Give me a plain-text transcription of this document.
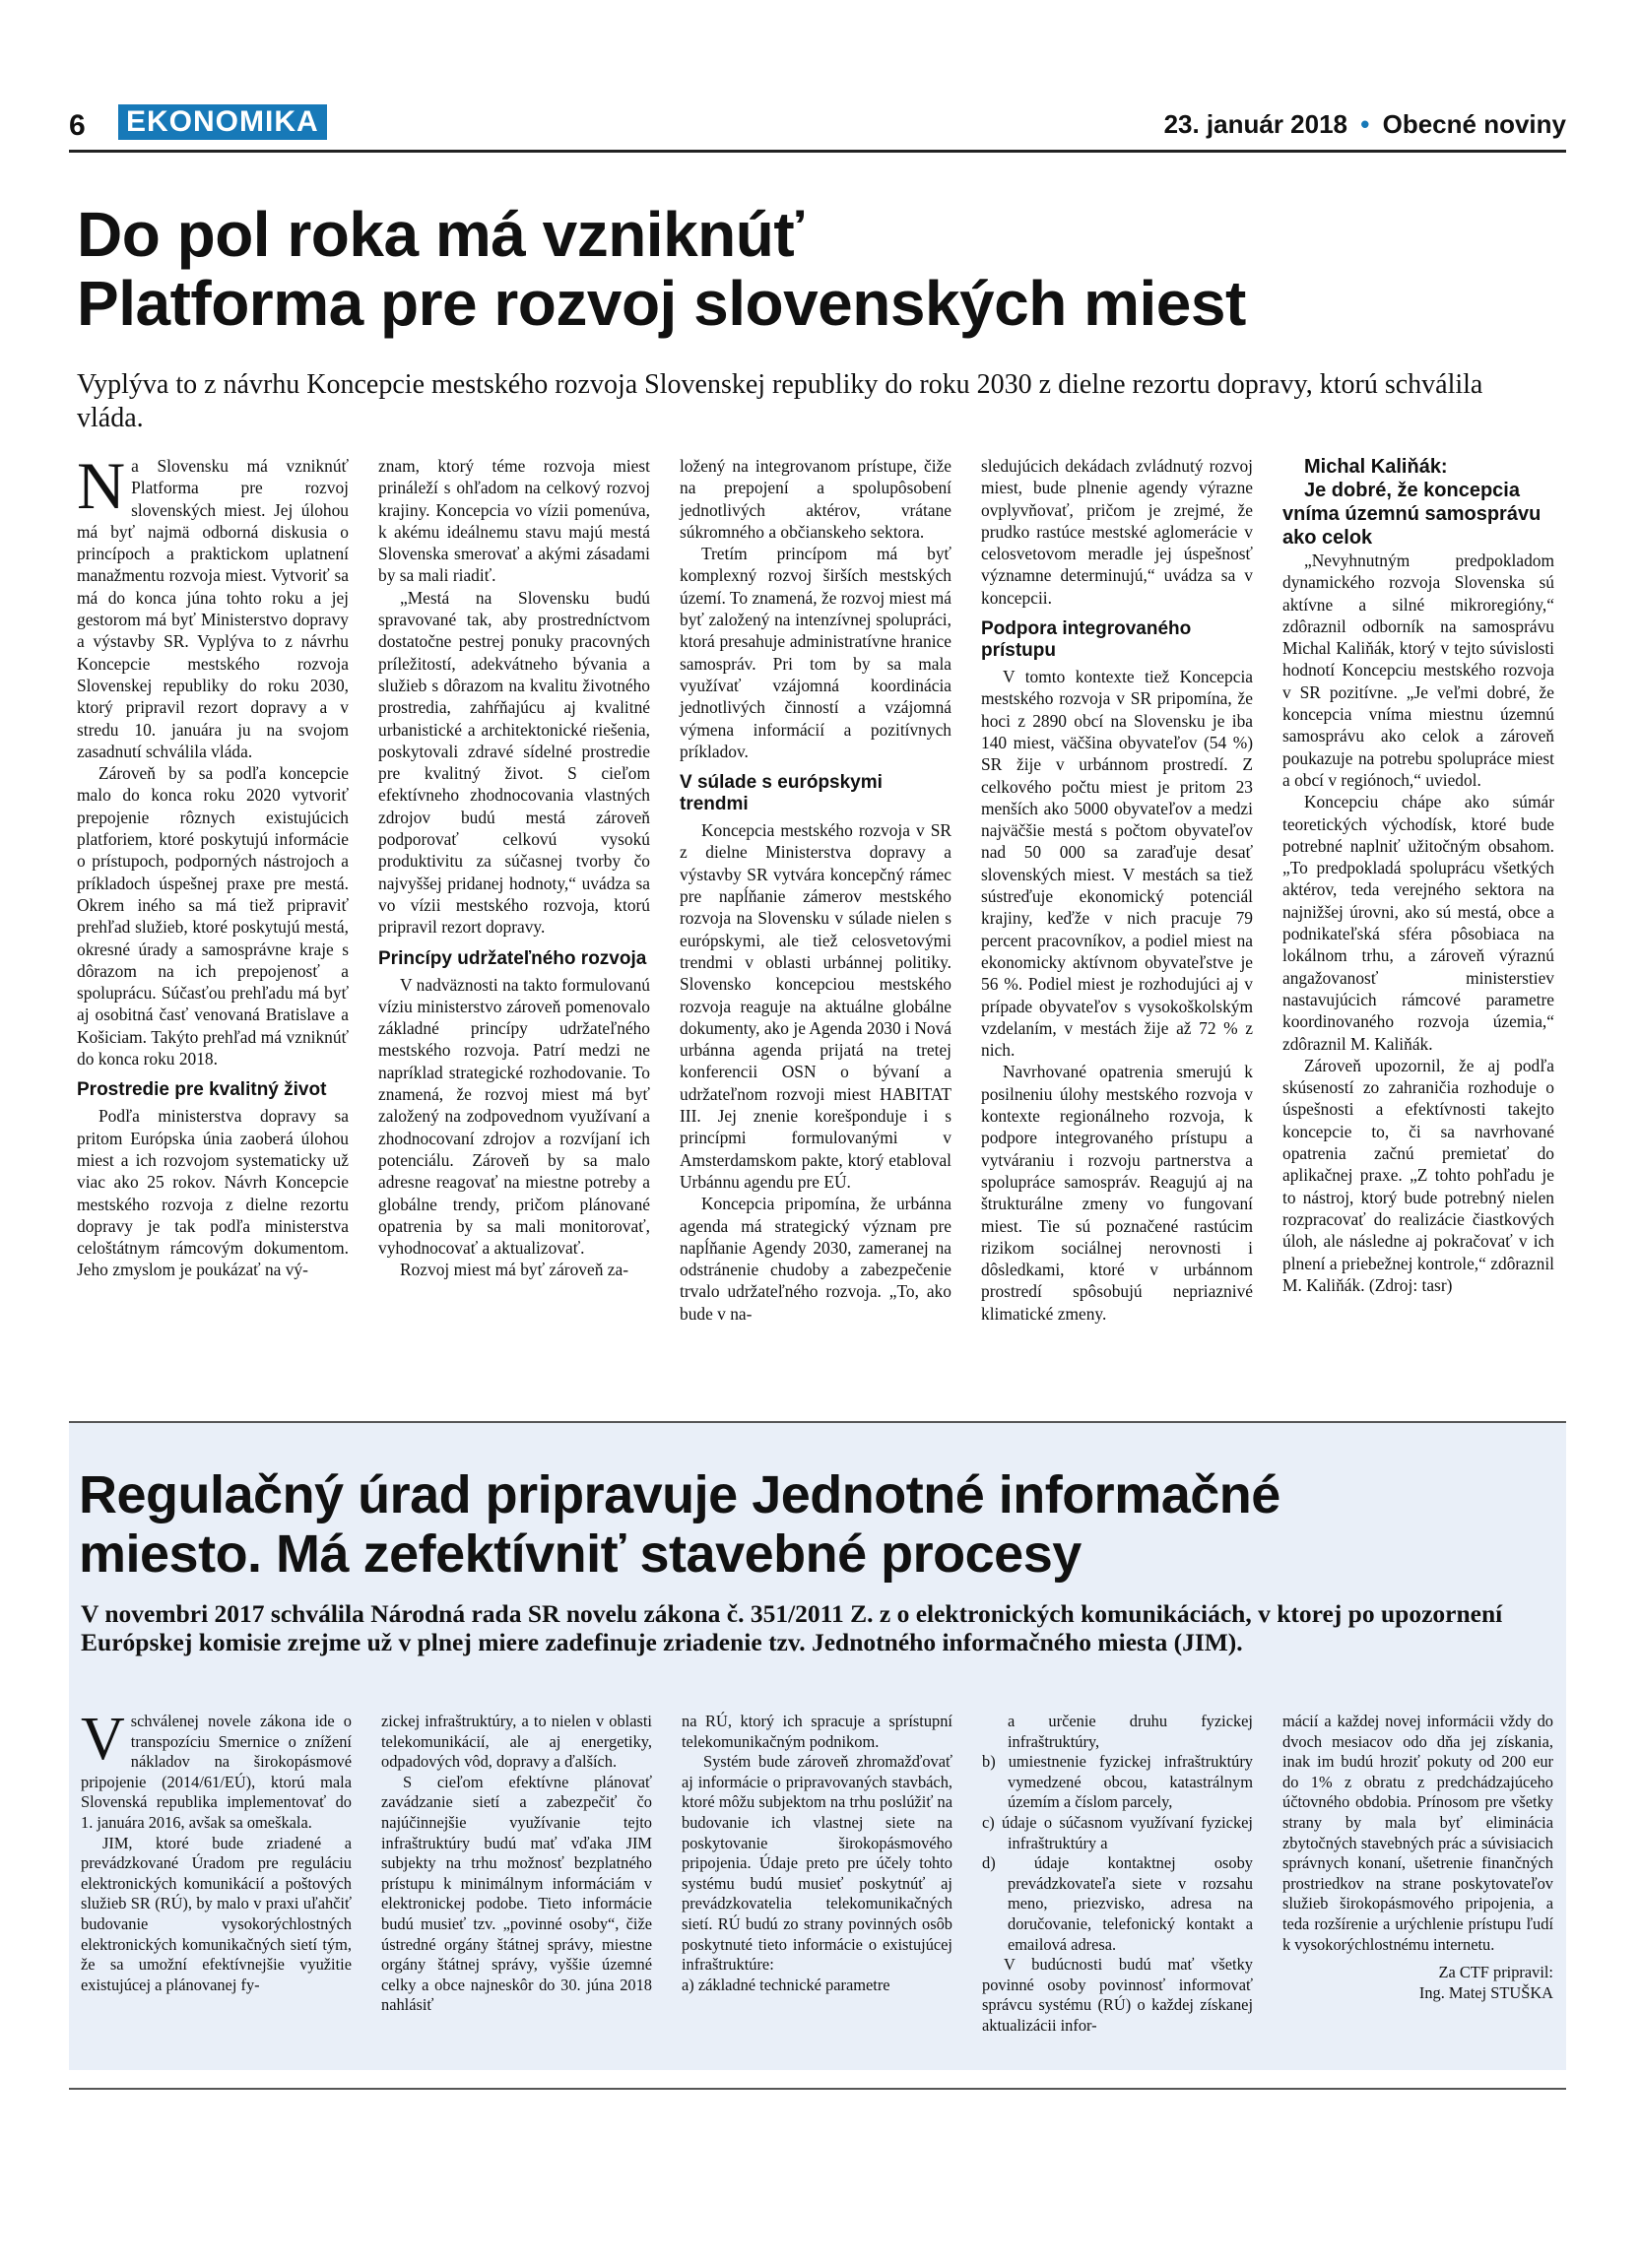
6 EKONOMIKA	23. január 2018 • Obecné noviny
Do pol roka má vzniknúť
Platforma pre rozvoj slovenských miest

Vyplýva to z návrhu Koncepcie mestského rozvoja Slovenskej republiky do roku 2030 z dielne rezortu dopravy, ktorú schválila vláda.

Na Slovensku má vzniknúť Platforma pre rozvoj slovenských miest. Jej úlohou má byť najmä odborná diskusia o princípoch a praktickom uplatnení manažmentu rozvoja miest. Vytvoriť sa má do konca júna tohto roku a jej gestorom má byť Ministerstvo dopravy a výstavby SR. Vyplýva to z návrhu Koncepcie mestského rozvoja Slovenskej republiky do roku 2030, ktorý pripravil rezort dopravy a v stredu 10. januára ju na svojom zasadnutí schválila vláda.

Zároveň by sa podľa koncepcie malo do konca roku 2020 vytvoriť prepojenie rôznych existujúcich platforiem, ktoré poskytujú informácie o prístupoch, podporných nástrojoch a príkladoch úspešnej praxe pre mestá. Okrem iného sa má tiež pripraviť prehľad služieb, ktoré poskytujú mestá, okresné úrady a samosprávne kraje s dôrazom na ich prepojenosť a spoluprácu. Súčasťou prehľadu má byť aj osobitná časť venovaná Bratislave a Košiciam. Takýto prehľad má vzniknúť do konca roku 2018.

Prostredie pre kvalitný život

Podľa ministerstva dopravy sa pritom Európska únia zaoberá úlohou miest a ich rozvojom systematicky už viac ako 25 rokov. Návrh Koncepcie mestského rozvoja z dielne rezortu dopravy je tak podľa ministerstva celoštátnym rámcovým dokumentom. Jeho zmyslom je poukázať na vý-

znam, ktorý téme rozvoja miest prináleží s ohľadom na celkový rozvoj krajiny. Koncepcia vo vízii pomenúva, k akému ideálnemu stavu majú mestá Slovenska smerovať a akými zásadami by sa mali riadiť.

„Mestá na Slovensku budú spravované tak, aby prostredníctvom dostatočne pestrej ponuky pracovných príležitostí, adekvátneho bývania a služieb s dôrazom na kvalitu životného prostredia, zahŕňajúcu aj kvalitné urbanistické a architektonické riešenia, poskytovali zdravé sídelné prostredie pre kvalitný život. S cieľom efektívneho zhodnocovania vlastných zdrojov budú mestá zároveň podporovať celkovú vysokú produktivitu za súčasnej tvorby čo najvyššej pridanej hodnoty,“ uvádza sa vo vízii mestského rozvoja, ktorú pripravil rezort dopravy.

Princípy udržateľného rozvoja

V nadväznosti na takto formulovanú víziu ministerstvo zároveň pomenovalo základné princípy udržateľného mestského rozvoja. Patrí medzi ne napríklad strategické rozhodovanie. To znamená, že rozvoj miest má byť založený na zodpovednom využívaní a zhodnocovaní zdrojov a rozvíjaní ich potenciálu. Zároveň by sa malo adresne reagovať na miestne potreby a globálne trendy, pričom plánované opatrenia by sa mali monitorovať, vyhodnocovať a aktualizovať.

Rozvoj miest má byť zároveň za-

ložený na integrovanom prístupe, čiže na prepojení a spolupôsobení jednotlivých aktérov, vrátane súkromného a občianskeho sektora.

Tretím princípom má byť komplexný rozvoj širších mestských území. To znamená, že rozvoj miest má byť založený na intenzívnej spolupráci, ktorá presahuje administratívne hranice samospráv. Pri tom by sa mala využívať vzájomná koordinácia jednotlivých činností a vzájomná výmena informácií a pozitívnych príkladov.

V súlade s európskymi trendmi

Koncepcia mestského rozvoja v SR z dielne Ministerstva dopravy a výstavby SR vytvára koncepčný rámec pre napĺňanie zámerov mestského rozvoja na Slovensku v súlade nielen s európskymi, ale tiež celosvetovými trendmi v oblasti urbánnej politiky. Slovensko koncepciou mestského rozvoja reaguje na aktuálne globálne dokumenty, ako je Agenda 2030 i Nová urbánna agenda prijatá na tretej konferencii OSN o bývaní a udržateľnom rozvoji miest HABITAT III. Jej znenie korešponduje i s princípmi formulovanými v Amsterdamskom pakte, ktorý etabloval Urbánnu agendu pre EÚ.

Koncepcia pripomína, že urbánna agenda má strategický význam pre napĺňanie Agendy 2030, zameranej na odstránenie chudoby a zabezpečenie trvalo udržateľného rozvoja. „To, ako bude v na-

sledujúcich dekádach zvládnutý rozvoj miest, bude plnenie agendy výrazne ovplyvňovať, pričom je zrejmé, že prudko rastúce mestské aglomerácie v celosvetovom meradle jej úspešnosť významne determinujú,“ uvádza sa v koncepcii.

Podpora integrovaného prístupu

V tomto kontexte tiež Koncepcia mestského rozvoja v SR pripomína, že hoci z 2890 obcí na Slovensku je iba 140 miest, väčšina obyvateľov (54 %) SR žije v urbánnom prostredí. Z celkového počtu miest je pritom 23 menších ako 5000 obyvateľov a medzi najväčšie mestá s počtom obyvateľov nad 50 000 sa zaraďuje desať slovenských miest. V mestách sa tiež sústreďuje ekonomický potenciál krajiny, keďže v nich pracuje 79 percent pracovníkov, a podiel miest na ekonomicky aktívnom obyvateľstve je 56 %. Podiel miest je rozhodujúci aj v prípade obyvateľov s vysokoškolským vzdelaním, v mestách žije až 72 % z nich.

Navrhované opatrenia smerujú k posilneniu úlohy mestského rozvoja v kontexte regionálneho rozvoja, k podpore integrovaného prístupu a vytváraniu i rozvoju partnerstva a spolupráce samospráv. Reagujú aj na štrukturálne zmeny vo fungovaní miest. Tie sú poznačené rastúcim rizikom sociálnej nerovnosti i dôsledkami, ktoré v urbánnom prostredí spôsobujú nepriaznivé klimatické zmeny.

Michal Kaliňák:

Je dobré, že koncepcia vníma územnú samosprávu ako celok

„Nevyhnutným predpokladom dynamického rozvoja Slovenska sú aktívne a silné mikroregióny,“ zdôraznil odborník na samosprávu Michal Kaliňák, ktorý v tejto súvislosti hodnotí Koncepciu mestského rozvoja v SR pozitívne. „Je veľmi dobré, že koncepcia vníma miestnu územnú samosprávu ako celok a zároveň poukazuje na potrebu spolupráce miest a obcí v regiónoch,“ uviedol.

Koncepciu chápe ako súmár teoretických východísk, ktoré bude potrebné naplniť užitočným obsahom. „To predpokladá spoluprácu všetkých aktérov, teda verejného sektora na najnižšej úrovni, ako sú mestá, obce a podnikateľská sféra pôsobiaca na lokálnom trhu, a zároveň výraznú angažovanosť ministerstiev nastavujúcich rámcové parametre koordinovaného rozvoja územia,“ zdôraznil M. Kaliňák.

Zároveň upozornil, že aj podľa skúseností zo zahraničia rozhoduje o úspešnosti a efektívnosti takejto koncepcie to, či sa navrhované opatrenia začnú premietať do aplikačnej praxe. „Z tohto pohľadu je to nástroj, ktorý bude potrebný nielen rozpracovať do realizácie čiastkových úloh, ale následne aj pokračovať v ich plnení a priebežnej kontrole,“ zdôraznil M. Kaliňák. (Zdroj: tasr)

Regulačný úrad pripravuje Jednotné informačné
miesto. Má zefektívniť stavebné procesy

V novembri 2017 schválila Národná rada SR novelu zákona č. 351/2011 Z. z o elektronických komunikáciách, v ktorej po upozornení Európskej komisie zrejme už v plnej miere zadefinuje zriadenie tzv. Jednotného informačného miesta (JIM).

Vschválenej novele zákona ide o transpozíciu Smernice o znížení nákladov na širokopásmové pripojenie (2014/61/EÚ), ktorú mala Slovenská republika implementovať do 1. januára 2016, avšak sa omeškala.

JIM, ktoré bude zriadené a prevádzkované Úradom pre reguláciu elektronických komunikácií a poštových služieb SR (RÚ), by malo v praxi uľahčiť budovanie vysokorýchlostných elektronických komunikačných sietí tým, že sa umožní efektívnejšie využitie existujúcej a plánovanej fy-

zickej infraštruktúry, a to nielen v oblasti telekomunikácií, ale aj energetiky, odpadových vôd, dopravy a ďalších.

S cieľom efektívne plánovať zavádzanie sietí a zabezpečiť čo najúčinnejšie využívanie tejto infraštruktúry budú mať vďaka JIM subjekty na trhu možnosť bezplatného prístupu k minimálnym informáciám v elektronickej podobe. Tieto informácie budú musieť tzv. „povinné osoby“, čiže ústredné orgány štátnej správy, miestne orgány štátnej správy, vyššie územné celky a obce najneskôr do 30. júna 2018 nahlásiť

na RÚ, ktorý ich spracuje a sprístupní telekomunikačným podnikom.

Systém bude zároveň zhromažďovať aj informácie o pripravovaných stavbách, ktoré môžu subjektom na trhu poslúžiť na budovanie ich vlastnej siete na poskytovanie širokopásmového pripojenia. Údaje preto pre účely tohto systému budú musieť poskytnúť aj prevádzkovatelia telekomunikačných sietí. RÚ budú zo strany povinných osôb poskytnuté tieto informácie o existujúcej infraštruktúre:

a) základné technické parametre

a určenie druhu fyzickej infraštruktúry,
b) umiestnenie fyzickej infraštruktúry vymedzené obcou, katastrálnym územím a číslom parcely,
c) údaje o súčasnom využívaní fyzickej infraštruktúry a
d) údaje kontaktnej osoby prevádzkovateľa siete v rozsahu meno, priezvisko, adresa na doručovanie, telefonický kontakt a emailová adresa.

V budúcnosti budú mať všetky povinné osoby povinnosť informovať správcu systému (RÚ) o každej získanej aktualizácii infor-

mácií a každej novej informácii vždy do dvoch mesiacov odo dňa jej získania, inak im budú hroziť pokuty od 200 eur do 1% z obratu z predchádzajúceho účtovného obdobia. Prínosom pre všetky strany by mala byť eliminácia zbytočných stavebných prác a súvisiacich správnych konaní, ušetrenie finančných prostriedkov na strane poskytovateľov služieb širokopásmového pripojenia, a teda rozšírenie a urýchlenie prístupu ľudí k vysokorýchlostnému internetu.

Za CTF pripravil:

Ing. Matej STUŠKA
